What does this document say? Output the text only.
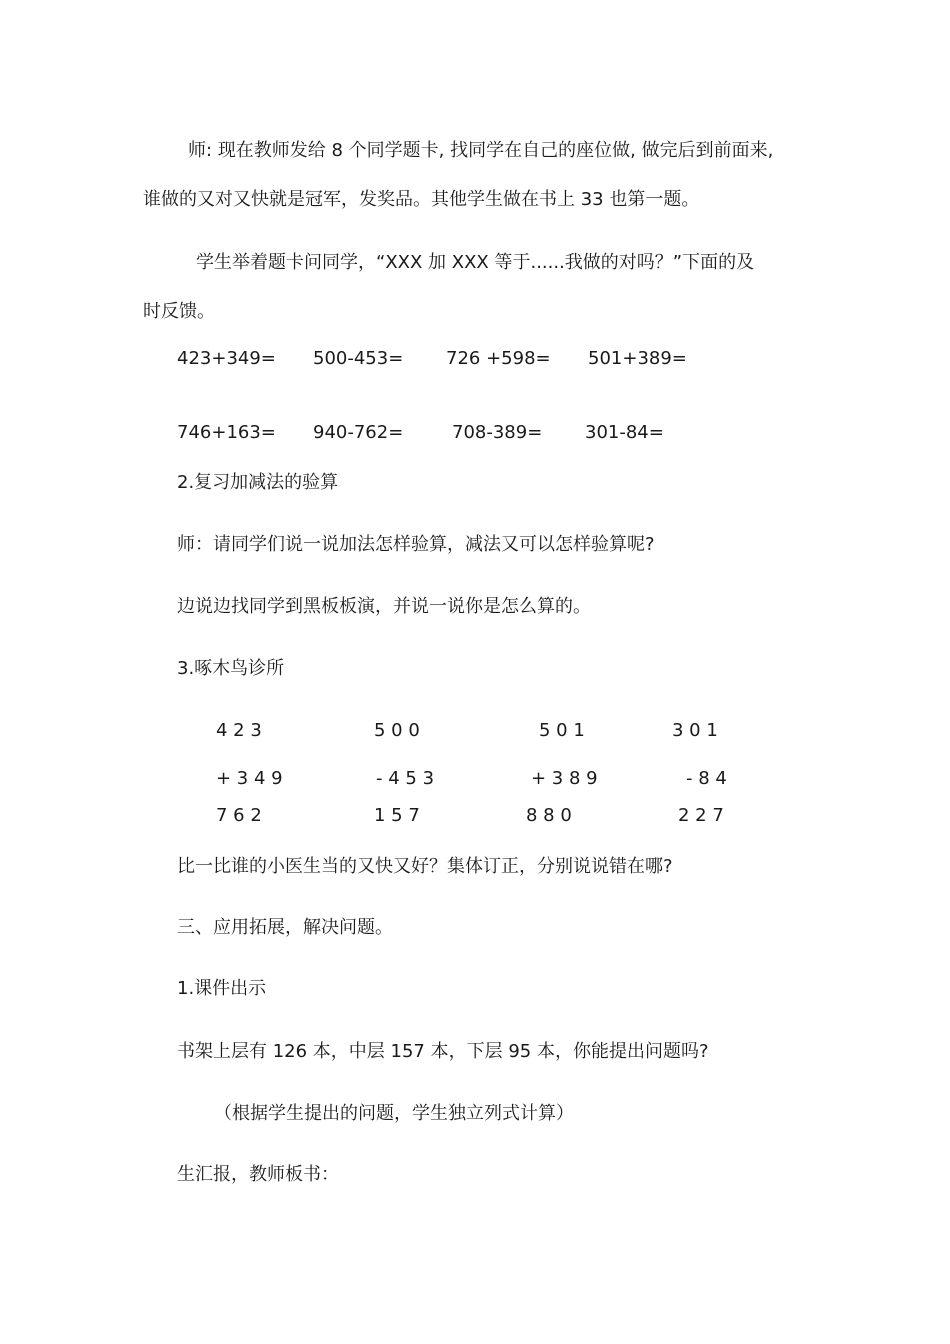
师: 现在教师发给 8 个同学题卡, 找同学在自己的座位做, 做完后到前面来,
谁做的又对又快就是冠军，发奖品。其他学生做在书上 33 也第一题。
学生举着题卡问同学，“XXX 加 XXX 等于......我做的对吗？”下面的及
时反馈。
423+349= 500-453= 726 +598= 501+389=
746+163= 940-762=	708-389= 301-84=
2.复习加减法的验算
师：请同学们说一说加法怎样验算，减法又可以怎样验算呢?
边说边找同学到黑板板演，并说一说你是怎么算的。
3.啄木鸟诊所
4 2 3
+ 3 4 9
7 6 2
5 0 0
- 4 5 3
1 5 7
5 0 1
+ 3 8 9
8 8 0
3 0 1
- 8 4
2 2 7
比一比谁的小医生当的又快又好？集体订正，分别说说错在哪?
三、应用拓展，解决问题。
1.课件出示
书架上层有 126 本，中层 157 本，下层 95 本，你能提出问题吗?
（根据学生提出的问题，学生独立列式计算）
生汇报，教师板书：
